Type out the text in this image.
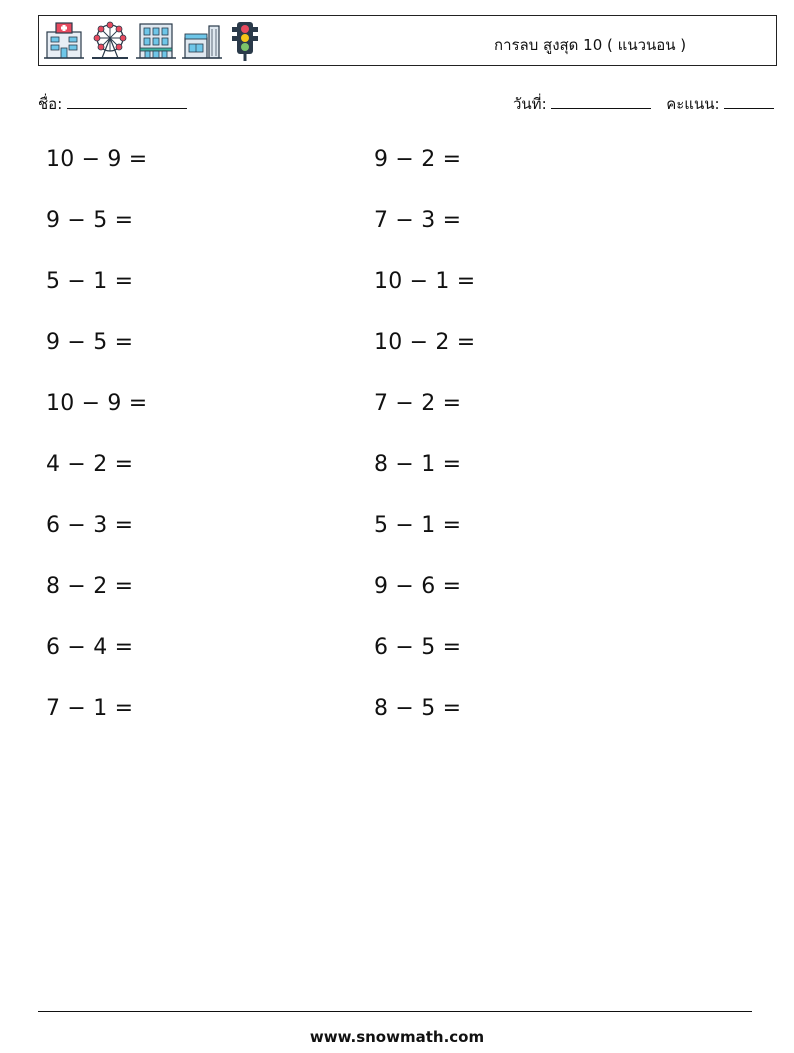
การลบ สูงสุด 10 ( แนวนอน )
ชื่อ:	วันที่:	คะแนน:
10 − 9 =	9 − 2 =
9 − 5 =	7 − 3 =
5 − 1 =	10 − 1 =
9 − 5 =	10 − 2 =
10 − 9 =	7 − 2 =
4 − 2 =	8 − 1 =
6 − 3 =	5 − 1 =
8 − 2 =	9 − 6 =
6 − 4 =	6 − 5 =
7 − 1 =	8 − 5 =
www.snowmath.com
